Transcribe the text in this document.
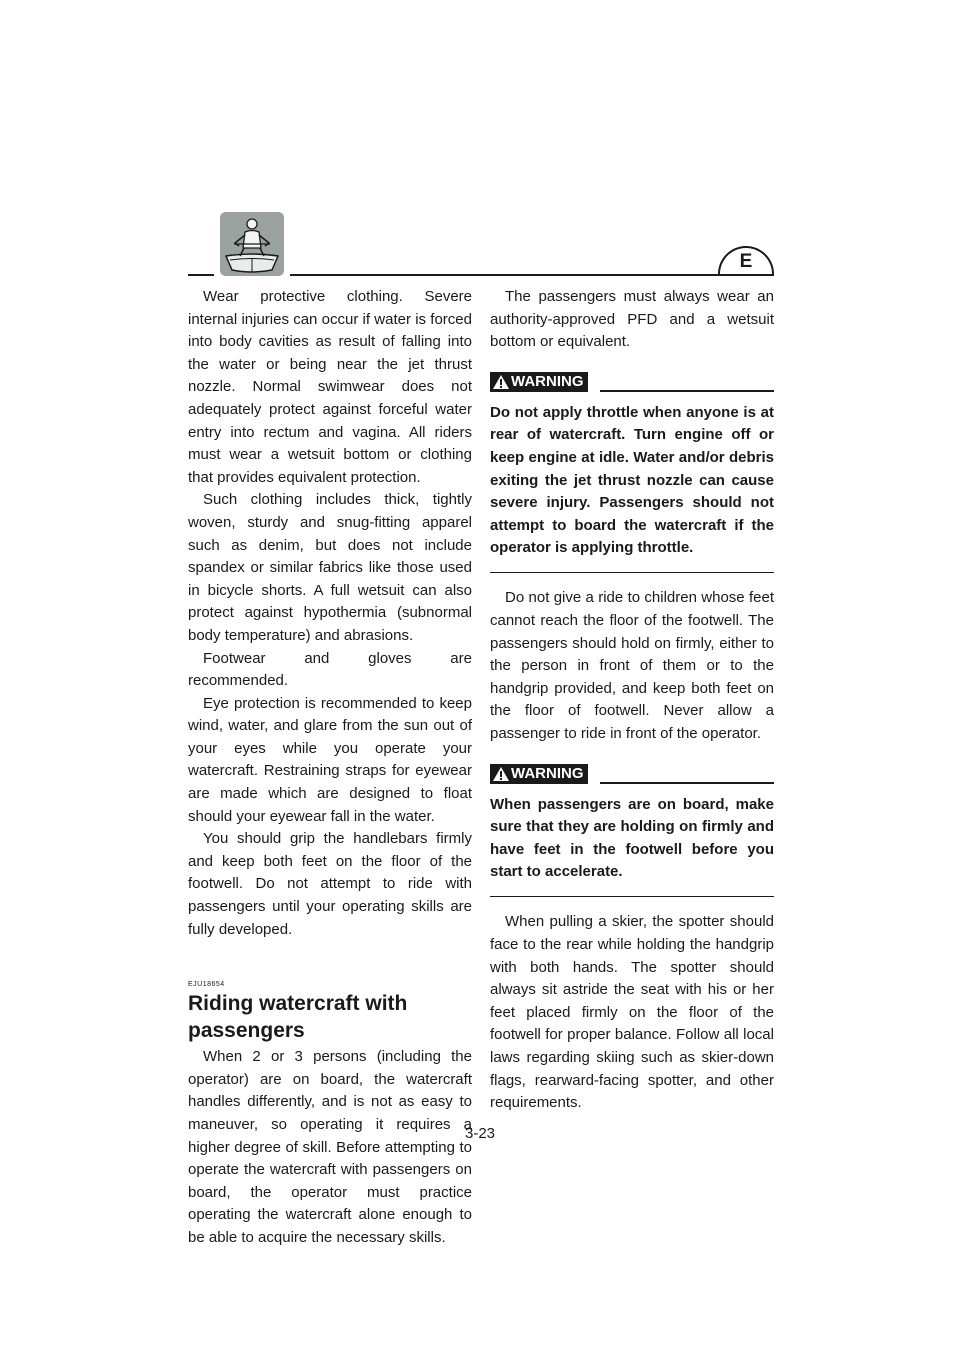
E

Wear protective clothing. Severe internal injuries can occur if water is forced into body cavities as result of falling into the water or being near the jet thrust nozzle. Normal swimwear does not adequately protect against forceful water entry into rectum and vagina. All riders must wear a wetsuit bottom or clothing that provides equivalent protection.

Such clothing includes thick, tightly woven, sturdy and snug-fitting apparel such as denim, but does not include spandex or similar fabrics like those used in bicycle shorts. A full wetsuit can also protect against hypothermia (subnormal body temperature) and abrasions.

Footwear and gloves are recommended.

Eye protection is recommended to keep wind, water, and glare from the sun out of your eyes while you operate your watercraft. Restraining straps for eyewear are made which are designed to float should your eyewear fall in the water.

You should grip the handlebars firmly and keep both feet on the floor of the footwell. Do not attempt to ride with passengers until your operating skills are fully developed.

EJU18654
Riding watercraft with passengers

When 2 or 3 persons (including the operator) are on board, the watercraft handles differently, and is not as easy to maneuver, so operating it requires a higher degree of skill. Before attempting to operate the watercraft with passengers on board, the operator must practice operating the watercraft alone enough to be able to acquire the necessary skills.

The passengers must always wear an authority-approved PFD and a wetsuit bottom or equivalent.

WARNING
Do not apply throttle when anyone is at rear of watercraft. Turn engine off or keep engine at idle. Water and/or debris exiting the jet thrust nozzle can cause severe injury. Passengers should not attempt to board the watercraft if the operator is applying throttle.

Do not give a ride to children whose feet cannot reach the floor of the footwell. The passengers should hold on firmly, either to the person in front of them or to the handgrip provided, and keep both feet on the floor of footwell. Never allow a passenger to ride in front of the operator.

WARNING
When passengers are on board, make sure that they are holding on firmly and have feet in the footwell before you start to accelerate.

When pulling a skier, the spotter should face to the rear while holding the handgrip with both hands. The spotter should always sit astride the seat with his or her feet placed firmly on the floor of the footwell for proper balance. Follow all local laws regarding skiing such as skier-down flags, rearward-facing spotter, and other requirements.

3-23
